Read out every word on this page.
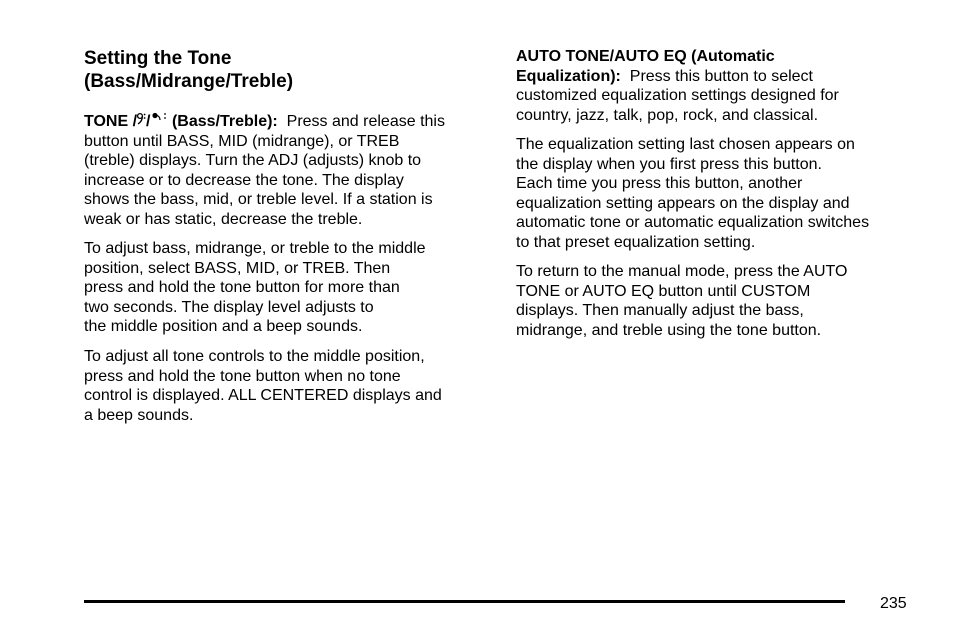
Setting the Tone
(Bass/Midrange/Treble)

TONE / / (Bass/Treble): Press and release this
button until BASS, MID (midrange), or TREB
(treble) displays. Turn the ADJ (adjusts) knob to
increase or to decrease the tone. The display
shows the bass, mid, or treble level. If a station is
weak or has static, decrease the treble.

To adjust bass, midrange, or treble to the middle
position, select BASS, MID, or TREB. Then
press and hold the tone button for more than
two seconds. The display level adjusts to
the middle position and a beep sounds.

To adjust all tone controls to the middle position,
press and hold the tone button when no tone
control is displayed. ALL CENTERED displays and
a beep sounds.

AUTO TONE/AUTO EQ (Automatic
Equalization): Press this button to select
customized equalization settings designed for
country, jazz, talk, pop, rock, and classical.

The equalization setting last chosen appears on
the display when you first press this button.
Each time you press this button, another
equalization setting appears on the display and
automatic tone or automatic equalization switches
to that preset equalization setting.

To return to the manual mode, press the AUTO
TONE or AUTO EQ button until CUSTOM
displays. Then manually adjust the bass,
midrange, and treble using the tone button.

235
